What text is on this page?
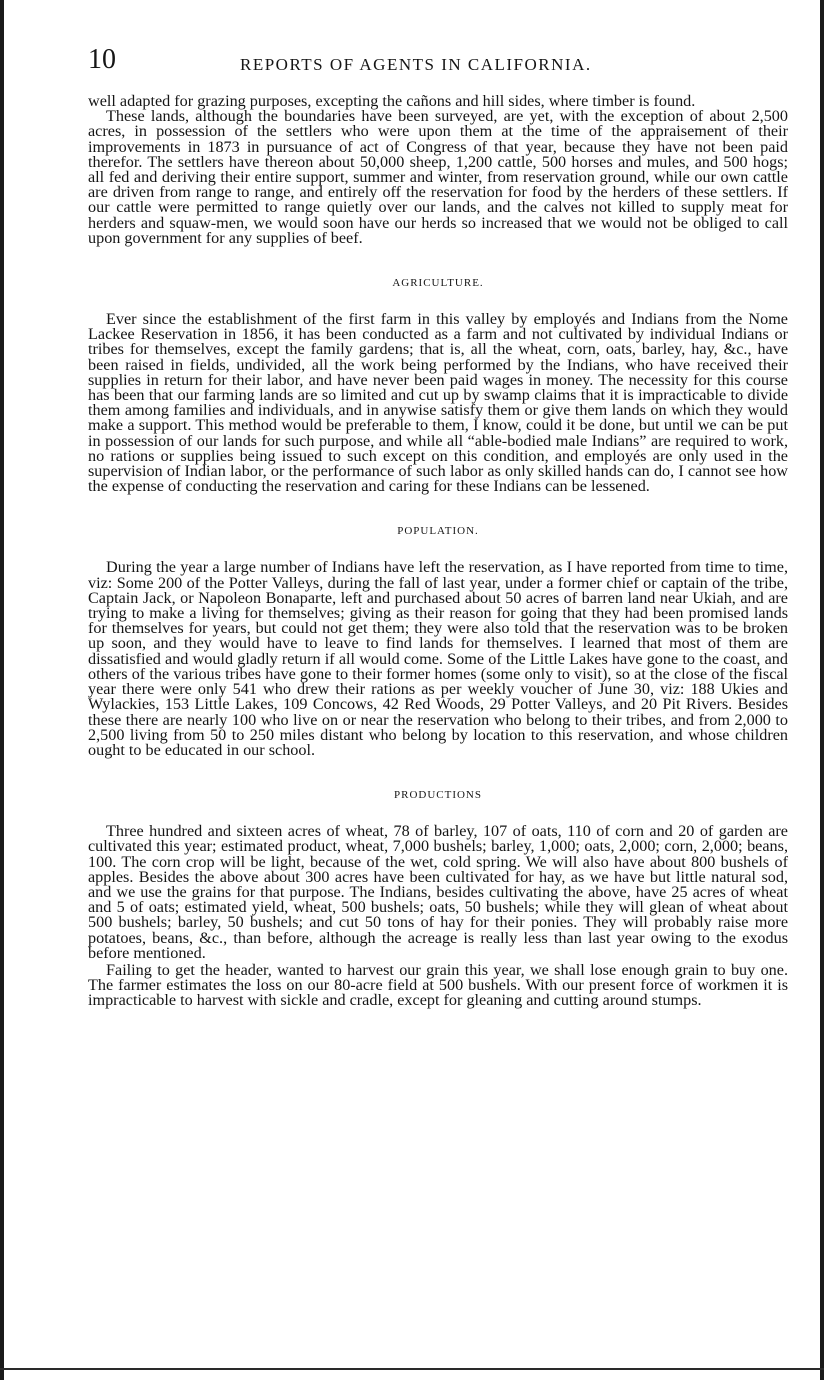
10	REPORTS OF AGENTS IN CALIFORNIA.

well adapted for grazing purposes, excepting the cañons and hill sides, where timber is found.

These lands, although the boundaries have been surveyed, are yet, with the exception of about 2,500 acres, in possession of the settlers who were upon them at the time of the appraisement of their improvements in 1873 in pursuance of act of Congress of that year, because they have not been paid therefor. The settlers have thereon about 50,000 sheep, 1,200 cattle, 500 horses and mules, and 500 hogs; all fed and deriving their entire support, summer and winter, from reservation ground, while our own cattle are driven from range to range, and entirely off the reservation for food by the herders of these settlers. If our cattle were permitted to range quietly over our lands, and the calves not killed to supply meat for herders and squaw-men, we would soon have our herds so increased that we would not be obliged to call upon government for any supplies of beef.

AGRICULTURE.

Ever since the establishment of the first farm in this valley by employés and Indians from the Nome Lackee Reservation in 1856, it has been conducted as a farm and not cultivated by individual Indians or tribes for themselves, except the family gardens; that is, all the wheat, corn, oats, barley, hay, &c., have been raised in fields, undivided, all the work being performed by the Indians, who have received their supplies in return for their labor, and have never been paid wages in money. The necessity for this course has been that our farming lands are so limited and cut up by swamp claims that it is impracticable to divide them among families and individuals, and in anywise satisfy them or give them lands on which they would make a support. This method would be preferable to them, I know, could it be done, but until we can be put in possession of our lands for such purpose, and while all “able-bodied male Indians” are required to work, no rations or supplies being issued to such except on this condition, and employés are only used in the supervision of Indian labor, or the performance of such labor as only skilled hands can do, I cannot see how the expense of conducting the reservation and caring for these Indians can be lessened.

POPULATION.

During the year a large number of Indians have left the reservation, as I have reported from time to time, viz: Some 200 of the Potter Valleys, during the fall of last year, under a former chief or captain of the tribe, Captain Jack, or Napoleon Bonaparte, left and purchased about 50 acres of barren land near Ukiah, and are trying to make a living for themselves; giving as their reason for going that they had been promised lands for themselves for years, but could not get them; they were also told that the reservation was to be broken up soon, and they would have to leave to find lands for themselves. I learned that most of them are dissatisfied and would gladly return if all would come. Some of the Little Lakes have gone to the coast, and others of the various tribes have gone to their former homes (some only to visit), so at the close of the fiscal year there were only 541 who drew their rations as per weekly voucher of June 30, viz: 188 Ukies and Wylackies, 153 Little Lakes, 109 Concows, 42 Red Woods, 29 Potter Valleys, and 20 Pit Rivers. Besides these there are nearly 100 who live on or near the reservation who belong to their tribes, and from 2,000 to 2,500 living from 50 to 250 miles distant who belong by location to this reservation, and whose children ought to be educated in our school.

PRODUCTIONS

Three hundred and sixteen acres of wheat, 78 of barley, 107 of oats, 110 of corn and 20 of garden are cultivated this year; estimated product, wheat, 7,000 bushels; barley, 1,000; oats, 2,000; corn, 2,000; beans, 100. The corn crop will be light, because of the wet, cold spring. We will also have about 800 bushels of apples. Besides the above about 300 acres have been cultivated for hay, as we have but little natural sod, and we use the grains for that purpose. The Indians, besides cultivating the above, have 25 acres of wheat and 5 of oats; estimated yield, wheat, 500 bushels; oats, 50 bushels; while they will glean of wheat about 500 bushels; barley, 50 bushels; and cut 50 tons of hay for their ponies. They will probably raise more potatoes, beans, &c., than before, although the acreage is really less than last year owing to the exodus before mentioned.

Failing to get the header, wanted to harvest our grain this year, we shall lose enough grain to buy one. The farmer estimates the loss on our 80-acre field at 500 bushels. With our present force of workmen it is impracticable to harvest with sickle and cradle, except for gleaning and cutting around stumps.
